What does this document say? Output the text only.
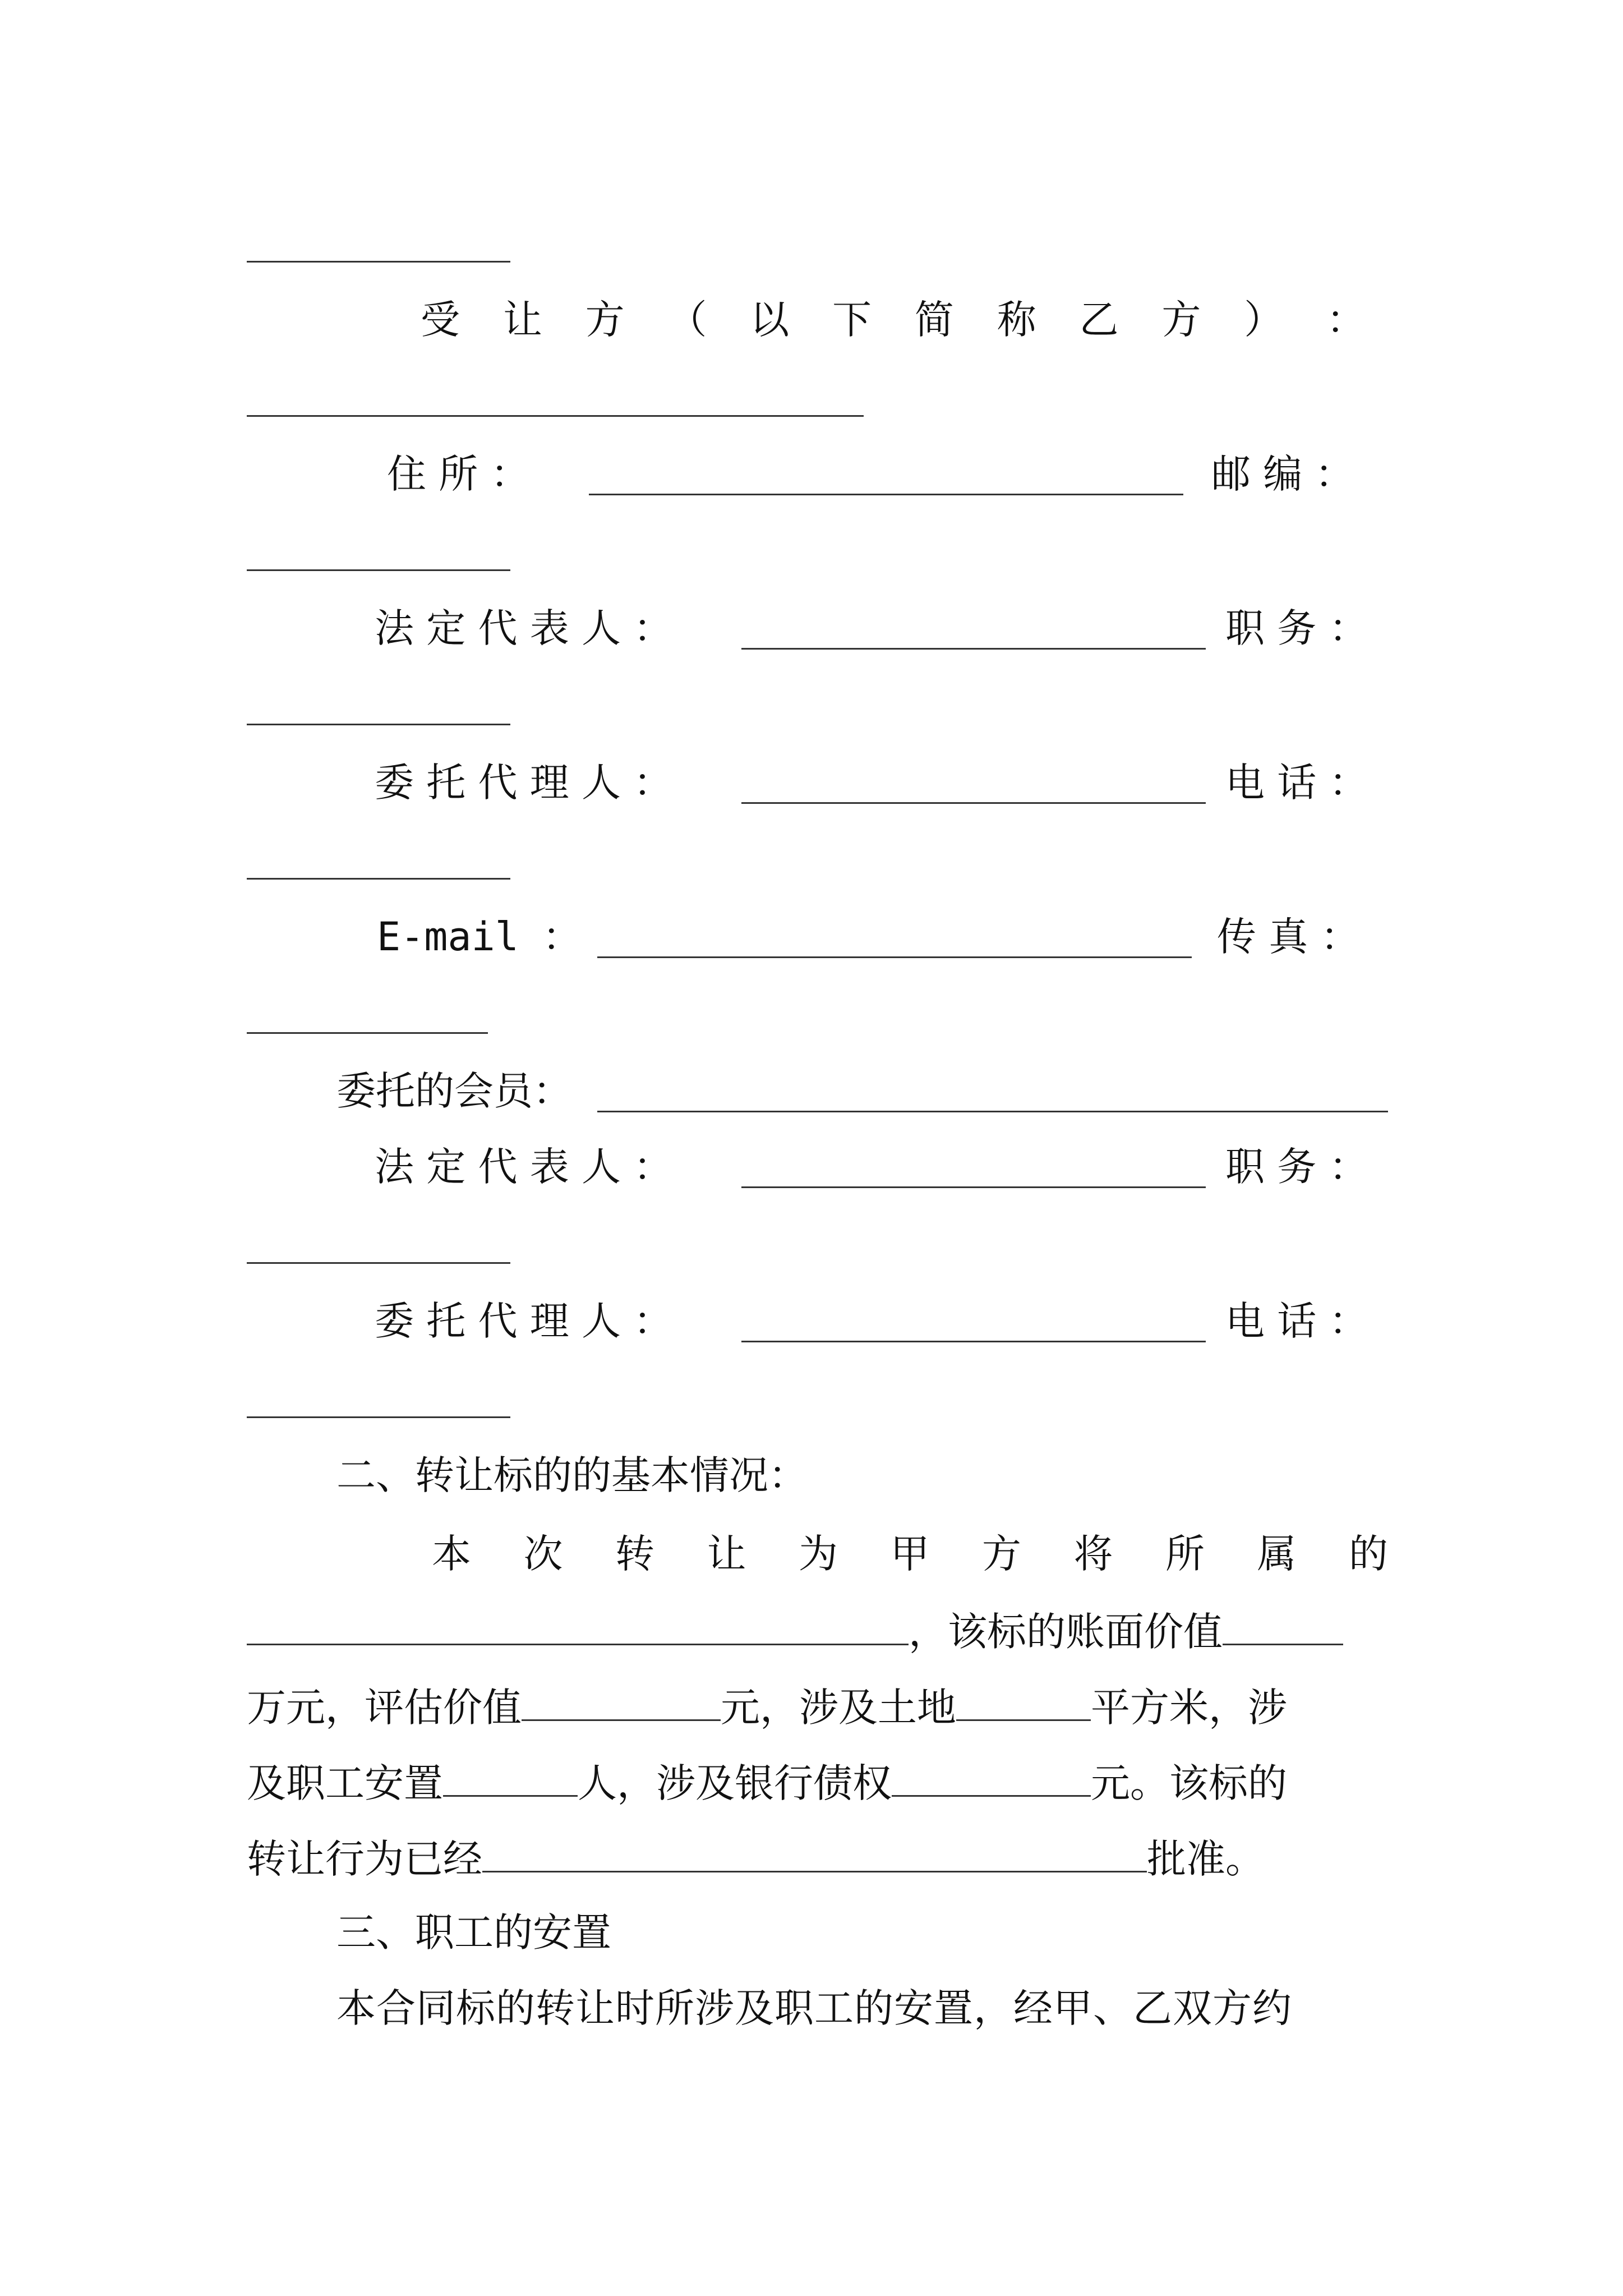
受 让 方 （ 以 下 简 称 乙 方 ） ：
住 所 ：	邮 编 ：
法 定 代 表 人 ：	职 务 ：
委 托 代 理 人 ：	电 话 ：
E-mail ：	传 真 ：
委托的会员：
法 定 代 表 人 ：	职 务 ：
委 托 代 理 人 ：	电 话 ：
二、转让标的的基本情况：
本 次 转 让 为 甲 方 将 所 属 的
，该标的账面价值
万元，评估价值	元，涉及土地	平方米，涉
及职工安置	人，涉及银行债权	元。该标的
转让行为已经	批准。
三、职工的安置
本合同标的转让时所涉及职工的安置，经甲、乙双方约
